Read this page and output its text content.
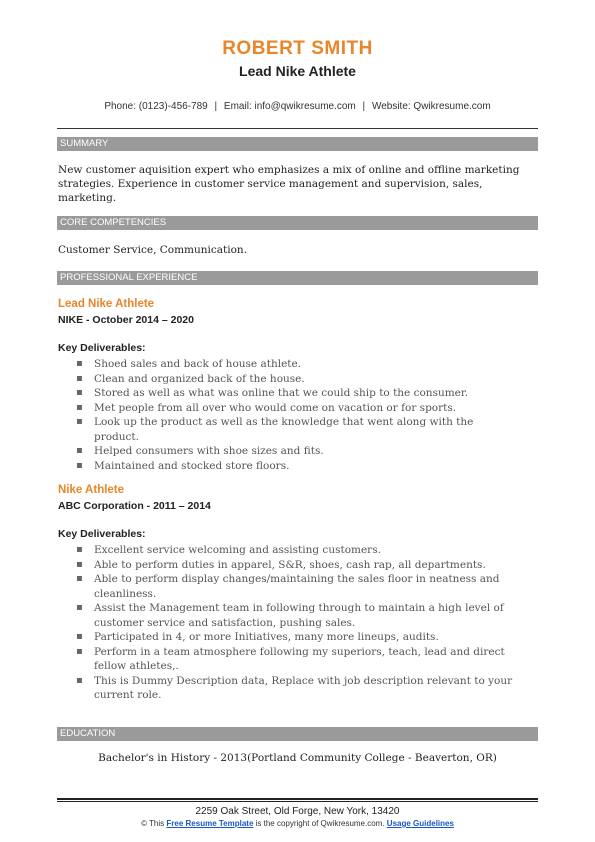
ROBERT SMITH
Lead Nike Athlete
Phone: (0123)-456-789 | Email: info@qwikresume.com | Website: Qwikresume.com
SUMMARY
New customer aquisition expert who emphasizes a mix of online and offline marketing strategies. Experience in customer service management and supervision, sales, marketing.
CORE COMPETENCIES
Customer Service, Communication.
PROFESSIONAL EXPERIENCE
Lead Nike Athlete
NIKE - October 2014 – 2020
Key Deliverables:
▪ Shoed sales and back of house athlete.
▪ Clean and organized back of the house.
▪ Stored as well as what was online that we could ship to the consumer.
▪ Met people from all over who would come on vacation or for sports.
▪ Look up the product as well as the knowledge that went along with the product.
▪ Helped consumers with shoe sizes and fits.
▪ Maintained and stocked store floors.
Nike Athlete
ABC Corporation - 2011 – 2014
Key Deliverables:
▪ Excellent service welcoming and assisting customers.
▪ Able to perform duties in apparel, S&R, shoes, cash rap, all departments.
▪ Able to perform display changes/maintaining the sales floor in neatness and cleanliness.
▪ Assist the Management team in following through to maintain a high level of customer service and satisfaction, pushing sales.
▪ Participated in 4, or more Initiatives, many more lineups, audits.
▪ Perform in a team atmosphere following my superiors, teach, lead and direct fellow athletes,.
▪ This is Dummy Description data, Replace with job description relevant to your current role.
EDUCATION
Bachelor's in History - 2013(Portland Community College - Beaverton, OR)
2259 Oak Street, Old Forge, New York, 13420
© This Free Resume Template is the copyright of Qwikresume.com. Usage Guidelines
